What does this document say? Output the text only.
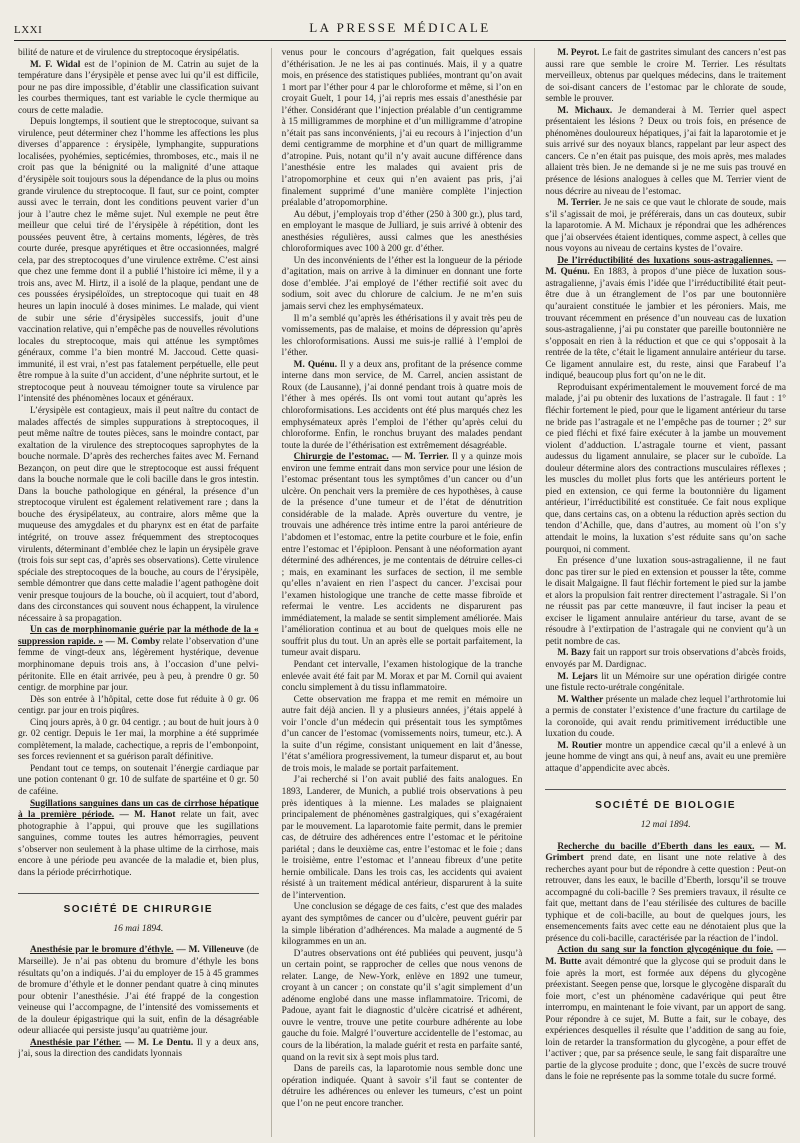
LXXI	LA PRESSE MÉDICALE

bilité de nature et de virulence du streptocoque érysipélatis.

M. F. Widal est de l’opinion de M. Catrin au sujet de la température dans l’érysipèle et pense avec lui qu’il est difficile, pour ne pas dire impossible, d’établir une classification suivant les courbes thermiques, tant est variable le cycle thermique au cours de cette maladie.

Depuis longtemps, il soutient que le streptocoque, suivant sa virulence, peut déterminer chez l’homme les affections les plus diverses d’apparence : érysipèle, lymphangite, suppurations localisées, pyohémies, septicémies, thromboses, etc., mais il ne croit pas que la bénignité ou la malignité d’une attaque d’érysipèle soit toujours sous la dépendance de la plus ou moins grande virulence du streptocoque. Il faut, sur ce point, compter aussi avec le terrain, dont les conditions peuvent varier d’un jour à l’autre chez le même sujet. Nul exemple ne peut être meilleur que celui tiré de l’érysipèle à répétition, dont les poussées peuvent être, à certains moments, légères, de très courte durée, presque apyrétiques et être occasionnées, malgré cela, par des streptocoques d’une virulence extrême. C’est ainsi que chez une femme dont il a publié l’histoire ici même, il y a trois ans, avec M. Hirtz, il a isolé de la plaque, pendant une de ces poussées érysipéloïdes, un streptocoque qui tuait en 48 heures un lapin inoculé à doses minimes. Le malade, qui vient de subir une série d’érysipèles successifs, jouit d’une vaccination relative, qui n’empêche pas de nouvelles révolutions locales du streptocoque, mais qui atténue les symptômes généraux, comme l’a bien montré M. Jaccoud. Cette quasi-immunité, il est vrai, n’est pas fatalement perpétuelle, elle peut être rompue à la suite d’un accident, d’une néphrite surtout, et le streptocoque peut à nouveau témoigner toute sa virulence par l’intensité des phénomènes locaux et généraux.

L’érysipèle est contagieux, mais il peut naître du contact de malades affectés de simples suppurations à streptocoques, il peut même naître de toutes pièces, sans le moindre contact, par exaltation de la virulence des streptocoques saprophytes de la bouche normale. D’après des recherches faites avec M. Fernand Bezançon, on peut dire que le streptocoque est aussi fréquent dans la bouche normale que le coli bacille dans le gros intestin. Dans la bouche pathologique en général, la présence d’un streptocoque virulent est également relativement rare ; dans la bouche des érysipélateux, au contraire, alors même que la muqueuse des amygdales et du pharynx est en état de parfaite intégrité, on trouve assez fréquemment des streptocoques virulents, déterminant d’emblée chez le lapin un érysipèle grave (trois fois sur sept cas, d’après ses observations). Cette virulence spéciale des streptocoques de la bouche, au cours de l’érysipèle, semble démontrer que dans cette maladie l’agent pathogène doit venir presque toujours de la bouche, où il acquiert, tout d’abord, dans des circonstances qui souvent nous échappent, la virulence nécessaire à sa propagation.

Un cas de morphinomanie guérie par la méthode de la « suppression rapide. » — M. Comby relate l’observation d’une femme de vingt-deux ans, légèrement hystérique, devenue morphinomane depuis trois ans, à l’occasion d’une pelvi-péritonite. Elle en était arrivée, peu à peu, à prendre 0 gr. 50 centigr. de morphine par jour.

Dès son entrée à l’hôpital, cette dose fut réduite à 0 gr. 06 centigr. par jour en trois piqûres.

Cinq jours après, à 0 gr. 04 centigr. ; au bout de huit jours à 0 gr. 02 centigr. Depuis le 1er mai, la morphine a été supprimée complètement, la malade, cachectique, a repris de l’embonpoint, ses forces reviennent et sa guérison paraît définitive.

Pendant tout ce temps, on soutenait l’énergie cardiaque par une potion contenant 0 gr. 10 de sulfate de spartéine et 0 gr. 50 de caféine.

Sugillations sanguines dans un cas de cirrhose hépatique à la première période. — M. Hanot relate un fait, avec photographie à l’appui, qui prouve que les sugillations sanguines, comme toutes les autres hémorragies, peuvent s’observer non seulement à la phase ultime de la cirrhose, mais encore à une période peu avancée de la maladie et, bien plus, dans la période précirrhotique.

SOCIÉTÉ DE CHIRURGIE
16 mai 1894.

Anesthésie par le bromure d’éthyle. — M. Villeneuve (de Marseille). Je n’ai pas obtenu du bromure d’éthyle les bons résultats qu’on a indiqués. J’ai du employer de 15 à 45 grammes de bromure d’éthyle et le donner pendant quatre à cinq minutes pour obtenir l’anesthésie. J’ai été frappé de la congestion veineuse qui l’accompagne, de l’intensité des vomissements et de la douleur épigastrique qui la suit, enfin de la désagréable odeur alliacée qui persiste jusqu’au quatrième jour.

Anesthésie par l’éther. — M. Le Dentu. Il y a deux ans, j’ai, sous la direction des candidats lyonnais

venus pour le concours d’agrégation, fait quelques essais d’éthérisation. Je ne les ai pas continués. Mais, il y a quatre mois, en présence des statistiques publiées, montrant qu’on avait 1 mort par l’éther pour 4 par le chloroforme et même, si l’on en croyait Guelt, 1 pour 14, j’ai repris mes essais d’anesthésie par l’éther. Considérant que l’injection préalable d’un centigramme à 15 milligrammes de morphine et d’un milligramme d’atropine n’était pas sans inconvénients, j’ai eu recours à l’injection d’un demi centigramme de morphine et d’un quart de milligramme d’atropine. Puis, notant qu’il n’y avait aucune différence dans l’anesthésie entre les malades qui avaient pris de l’atropomorphine et ceux qui n’en avaient pas pris, j’ai finalement supprimé d’une manière complète l’injection préalable d’atropomorphine.

Au début, j’employais trop d’éther (250 à 300 gr.), plus tard, en employant le masque de Julliard, je suis arrivé à obtenir des anesthésies régulières, aussi calmes que les anesthésies chloroformiques avec 100 à 200 gr. d’éther.

Un des inconvénients de l’éther est la longueur de la période d’agitation, mais on arrive à la diminuer en donnant une forte dose d’emblée. J’ai employé de l’éther rectifié soit avec du sodium, soit avec du chlorure de calcium. Je ne m’en suis jamais servi chez les emphysémateux.

Il m’a semblé qu’après les éthérisations il y avait très peu de vomissements, pas de malaise, et moins de dépression qu’après les chloroformisations. Aussi me suis-je rallié à l’emploi de l’éther.

M. Quénu. Il y a deux ans, profitant de la présence comme interne dans mon service, de M. Carrel, ancien assistant de Roux (de Lausanne), j’ai donné pendant trois à quatre mois de l’éther à mes opérés. Ils ont vomi tout autant qu’après les chloroformisations. Les accidents ont été plus marqués chez les emphysémateux après l’emploi de l’éther qu’après celui du chloroforme. Enfin, le ronchus bruyant des malades pendant toute la durée de l’éthérisation est extrêmement désagréable.

Chirurgie de l’estomac. — M. Terrier. Il y a quinze mois environ une femme entrait dans mon service pour une lésion de l’estomac présentant tous les symptômes d’un cancer ou d’un ulcère. On penchait vers la première de ces hypothèses, à cause de la présence d’une tumeur et de l’état de dénutrition considérable de la malade. Après ouverture du ventre, je trouvais une adhérence très intime entre la paroi antérieure de l’abdomen et l’estomac, entre la petite courbure et le foie, enfin entre l’estomac et l’épiploon. Pensant à une néoformation ayant déterminé des adhérences, je me contentais de détruire celles-ci ; mais, en examinant les surfaces de section, il me semble qu’elles n’avaient en rien l’aspect du cancer. J’excisai pour l’examen histologique une tranche de cette masse fibroïde et refermai le ventre. Les accidents ne disparurent pas immédiatement, la malade se sentit simplement améliorée. Mais l’amélioration continua et au bout de quelques mois elle ne souffrit plus du tout. Un an après elle se portait parfaitement, la tumeur avait disparu.

Pendant cet intervalle, l’examen histologique de la tranche enlevée avait été fait par M. Morax et par M. Cornil qui avaient conclu simplement à du tissu inflammatoire.

Cette observation me frappa et me remit en mémoire un autre fait déjà ancien. Il y a plusieurs années, j’étais appelé à voir l’oncle d’un médecin qui présentait tous les symptômes d’un cancer de l’estomac (vomissements noirs, tumeur, etc.). A la suite d’un régime, consistant uniquement en lait d’ânesse, l’état s’améliora progressivement, la tumeur disparut et, au bout de trois mois, le malade se portait parfaitement.

J’ai recherché si l’on avait publié des faits analogues. En 1893, Landerer, de Munich, a publié trois observations à peu près identiques à la mienne. Les malades se plaignaient principalement de phénomènes gastralgiques, qui s’exagéraient par le mouvement. La laparotomie faite permit, dans le premier cas, de détruire des adhérences entre l’estomac et le péritoine pariétal ; dans le deuxième cas, entre l’estomac et le foie ; dans le troisième, entre l’estomac et l’anneau fibreux d’une petite hernie ombilicale. Dans les trois cas, les accidents qui avaient résisté à un traitement médical antérieur, disparurent à la suite de l’intervention.

Une conclusion se dégage de ces faits, c’est que des malades ayant des symptômes de cancer ou d’ulcère, peuvent guérir par la simple libération d’adhérences. Ma malade a augmenté de 5 kilogrammes en un an.

D’autres observations ont été publiées qui peuvent, jusqu’à un certain point, se rapprocher de celles que nous venons de relater. Lange, de New-York, enlève en 1892 une tumeur, croyant à un cancer ; on constate qu’il s’agit simplement d’un adénome englobé dans une masse inflammatoire. Tricomi, de Padoue, ayant fait le diagnostic d’ulcère cicatrisé et adhérent, ouvre le ventre, trouve une petite courbure adhérente au lobe gauche du foie. Malgré l’ouverture accidentelle de l’estomac, au cours de la libération, la malade guérit et resta en parfaite santé, quand on la revit six à sept mois plus tard.

Dans de pareils cas, la laparotomie nous semble donc une opération indiquée. Quant à savoir s’il faut se contenter de détruire les adhérences ou enlever les tumeurs, c’est un point que l’on ne peut encore trancher.

M. Peyrot. Le fait de gastrites simulant des cancers n’est pas aussi rare que semble le croire M. Terrier. Les résultats merveilleux, obtenus par quelques médecins, dans le traitement de soi-disant cancers de l’estomac par le chlorate de soude, semble le prouver.

M. Michaux. Je demanderai à M. Terrier quel aspect présentaient les lésions ? Deux ou trois fois, en présence de phénomènes douloureux hépatiques, j’ai fait la laparotomie et je suis arrivé sur des noyaux blancs, rappelant par leur aspect des cancers. Ce n’en était pas puisque, des mois après, mes malades allaient très bien. Je ne demande si je ne me suis pas trouvé en présence de lésions analogues à celles que M. Terrier vient de nous décrire au niveau de l’estomac.

M. Terrier. Je ne sais ce que vaut le chlorate de soude, mais s’il s’agissait de moi, je préférerais, dans un cas douteux, subir la laparotomie. A M. Michaux je répondrai que les adhérences que j’ai observées étaient identiques, comme aspect, à celles que nous voyons au niveau de certains kystes de l’ovaire.

De l’irréductibilité des luxations sous-astragaliennes. — M. Quénu. En 1883, à propos d’une pièce de luxation sous-astragalienne, j’avais émis l’idée que l’irréductibilité était peut-être due à un étranglement de l’os par une boutonnière qu’auraient constituée le jambier et les péroniers. Mais, me trouvant récemment en présence d’un nouveau cas de luxation sous-astragalienne, j’ai pu constater que pareille boutonnière ne s’opposait en rien à la réduction et que ce qui s’opposait à la rentrée de la tête, c’était le ligament annulaire antérieur du tarse. Ce ligament annulaire est, du reste, ainsi que Farabeuf l’a indiqué, beaucoup plus fort qu’on ne le dit.

Reproduisant expérimentalement le mouvement forcé de ma malade, j’ai pu obtenir des luxations de l’astragale. Il faut : 1° fléchir fortement le pied, pour que le ligament antérieur du tarse ne bride pas l’astragale et ne l’empêche pas de tourner ; 2° sur ce pied fléchi et fixé faire exécuter à la jambe un mouvement violent d’adduction. L’astragale tourne et vient, passant audessus du ligament annulaire, se placer sur le cuboïde. La douleur détermine alors des contractions musculaires réflexes ; les muscles du mollet plus forts que les antérieurs portent le pied en extension, ce qui ferme la boutonnière du ligament antérieur, l’irréductibilité est constituée. Ce fait nous explique que, dans certains cas, on a obtenu la réduction après section du tendon d’Achille, que, dans d’autres, au moment où l’on s’y attendait le moins, la luxation s’est réduite sans qu’on sache pourquoi, ni comment.

En présence d’une luxation sous-astragalienne, il ne faut donc pas tirer sur le pied en extension et pousser la tête, comme le disait Malgaigne. Il faut fléchir fortement le pied sur la jambe et alors la propulsion fait rentrer directement l’astragale. Si l’on ne réussit pas par cette manœuvre, il faut inciser la peau et exciser le ligament annulaire antérieur du tarse, avant de se résoudre à l’extirpation de l’astragale qui ne convient qu’à un petit nombre de cas.

M. Bazy fait un rapport sur trois observations d’abcès froids, envoyés par M. Dardignac.

M. Lejars lit un Mémoire sur une opération dirigée contre une fistule recto-urétrale congénitale.

M. Walther présente un malade chez lequel l’arthrotomie lui a permis de constater l’existence d’une fracture du cartilage de la coronoïde, qui avait rendu primitivement irréductible une luxation du coude.

M. Routier montre un appendice cæcal qu’il a enlevé à un jeune homme de vingt ans qui, à neuf ans, avait eu une première attaque d’appendicite avec abcès.

SOCIÉTÉ DE BIOLOGIE
12 mai 1894.

Recherche du bacille d’Eberth dans les eaux. — M. Grimbert prend date, en lisant une note relative à des recherches ayant pour but de répondre à cette question : Peut-on retrouver, dans les eaux, le bacille d’Eberth, lorsqu’il se trouve accompagné du coli-bacille ? Ses premiers travaux, il résulte ce fait que, mettant dans de l’eau stérilisée des cultures de bacille typhique et de coli-bacille, au bout de quelques jours, les ensemencements faits avec cette eau ne dénotaient plus que la présence du coli-bacille, caractérisée par la réaction de l’indol.

Action du sang sur la fonction glycogénique du foie. — M. Butte avait démontré que la glycose qui se produit dans le foie après la mort, est formée aux dépens du glycogène préexistant. Seegen pense que, lorsque le glycogène disparaît du foie mort, c’est un phénomène cadavérique qui peut être interrompu, en maintenant le foie vivant, par un apport de sang. Pour répondre à ce sujet, M. Butte a fait, sur le cobaye, des expériences desquelles il résulte que l’addition de sang au foie, loin de retarder la transformation du glycogène, a pour effet de l’activer ; que, par sa présence seule, le sang fait disparaître une partie de la glycose produite ; donc, que l’excès de sucre trouvé dans le foie ne représente pas la somme totale du sucre formé.
